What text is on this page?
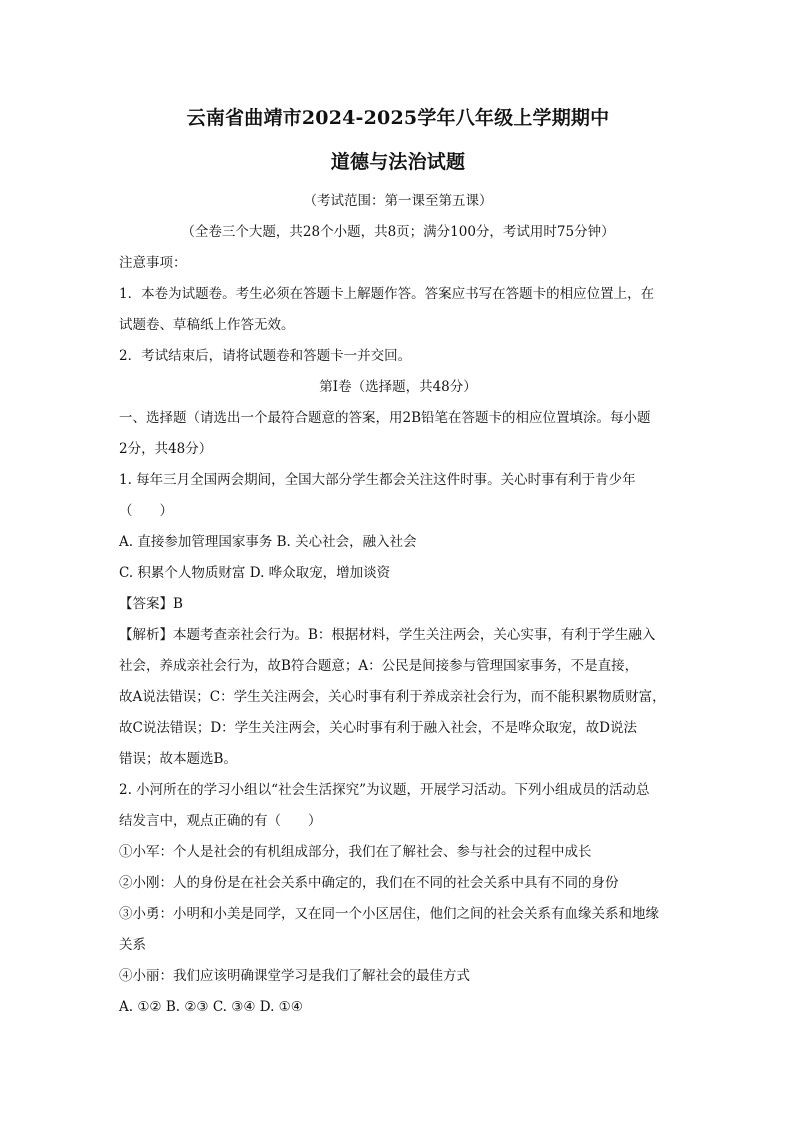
云南省曲靖市2024-2025学年八年级上学期期中

道德与法治试题

（考试范围：第一课至第五课）

（全卷三个大题，共28个小题，共8页；满分100分，考试用时75分钟）

注意事项：

1．本卷为试题卷。考生必须在答题卡上解题作答。答案应书写在答题卡的相应位置上，在

试题卷、草稿纸上作答无效。

2．考试结束后，请将试题卷和答题卡一并交回。

第Ⅰ卷（选择题，共48分）

一、选择题（请选出一个最符合题意的答案，用2B铅笔在答题卡的相应位置填涂。每小题

2分，共48分）

1. 每年三月全国两会期间，全国大部分学生都会关注这件时事。关心时事有利于肯少年

（　　）

A. 直接参加管理国家事务 B. 关心社会，融入社会

C. 积累个人物质财富 D. 哗众取宠，增加谈资

【答案】B

【解析】本题考查亲社会行为。B：根据材料，学生关注两会，关心实事，有利于学生融入

社会，养成亲社会行为，故B符合题意；A：公民是间接参与管理国家事务，不是直接，

故A说法错误；C：学生关注两会，关心时事有利于养成亲社会行为，而不能积累物质财富，

故C说法错误；D：学生关注两会，关心时事有利于融入社会，不是哗众取宠，故D说法

错误；故本题选B。

2. 小河所在的学习小组以“社会生活探究”为议题，开展学习活动。下列小组成员的活动总

结发言中，观点正确的有（　　）

①小军：个人是社会的有机组成部分，我们在了解社会、参与社会的过程中成长

②小刚：人的身份是在社会关系中确定的，我们在不同的社会关系中具有不同的身份

③小勇：小明和小美是同学，又在同一个小区居住，他们之间的社会关系有血缘关系和地缘

关系

④小丽：我们应该明确课堂学习是我们了解社会的最佳方式

A. ①② B. ②③ C. ③④ D. ①④
